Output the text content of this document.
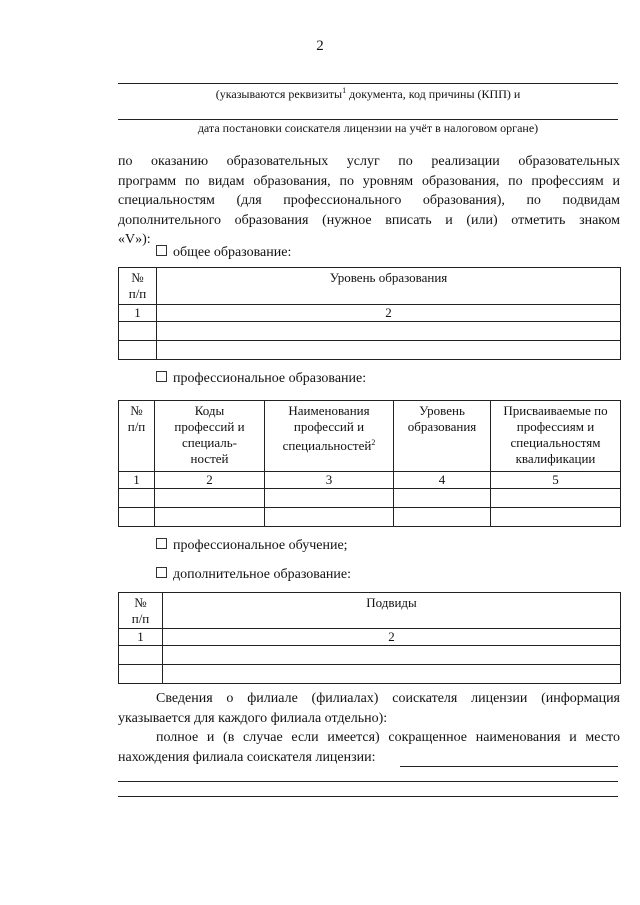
2
(указываются реквизиты$^1$ документа, код причины (КПП) и
дата постановки соискателя лицензии на учёт в налоговом органе)
по оказанию образовательных услуг по реализации образовательных
программ по видам образования, по уровням образования, по профессиям и
специальностям (для профессионального образования), по подвидам
дополнительного образования (нужное вписать и (или) отметить знаком
«V»):
общее образование:
№ п/п	Уровень образования
1	2

профессиональное образование:
№ п/п	Коды профессий и специаль-ностей	Наименования профессий и специальностей$^2$	Уровень образования	Присваиваемые по профессиям и специальностям квалификации

1	2	3	4	5

профессиональное обучение;
дополнительное образование:
№ п/п	Подвиды
1	2

Сведения о филиале (филиалах) соискателя лицензии (информация
указывается для каждого филиала отдельно):
полное и (в случае если имеется) сокращенное наименования и место
нахождения филиала соискателя лицензии:
